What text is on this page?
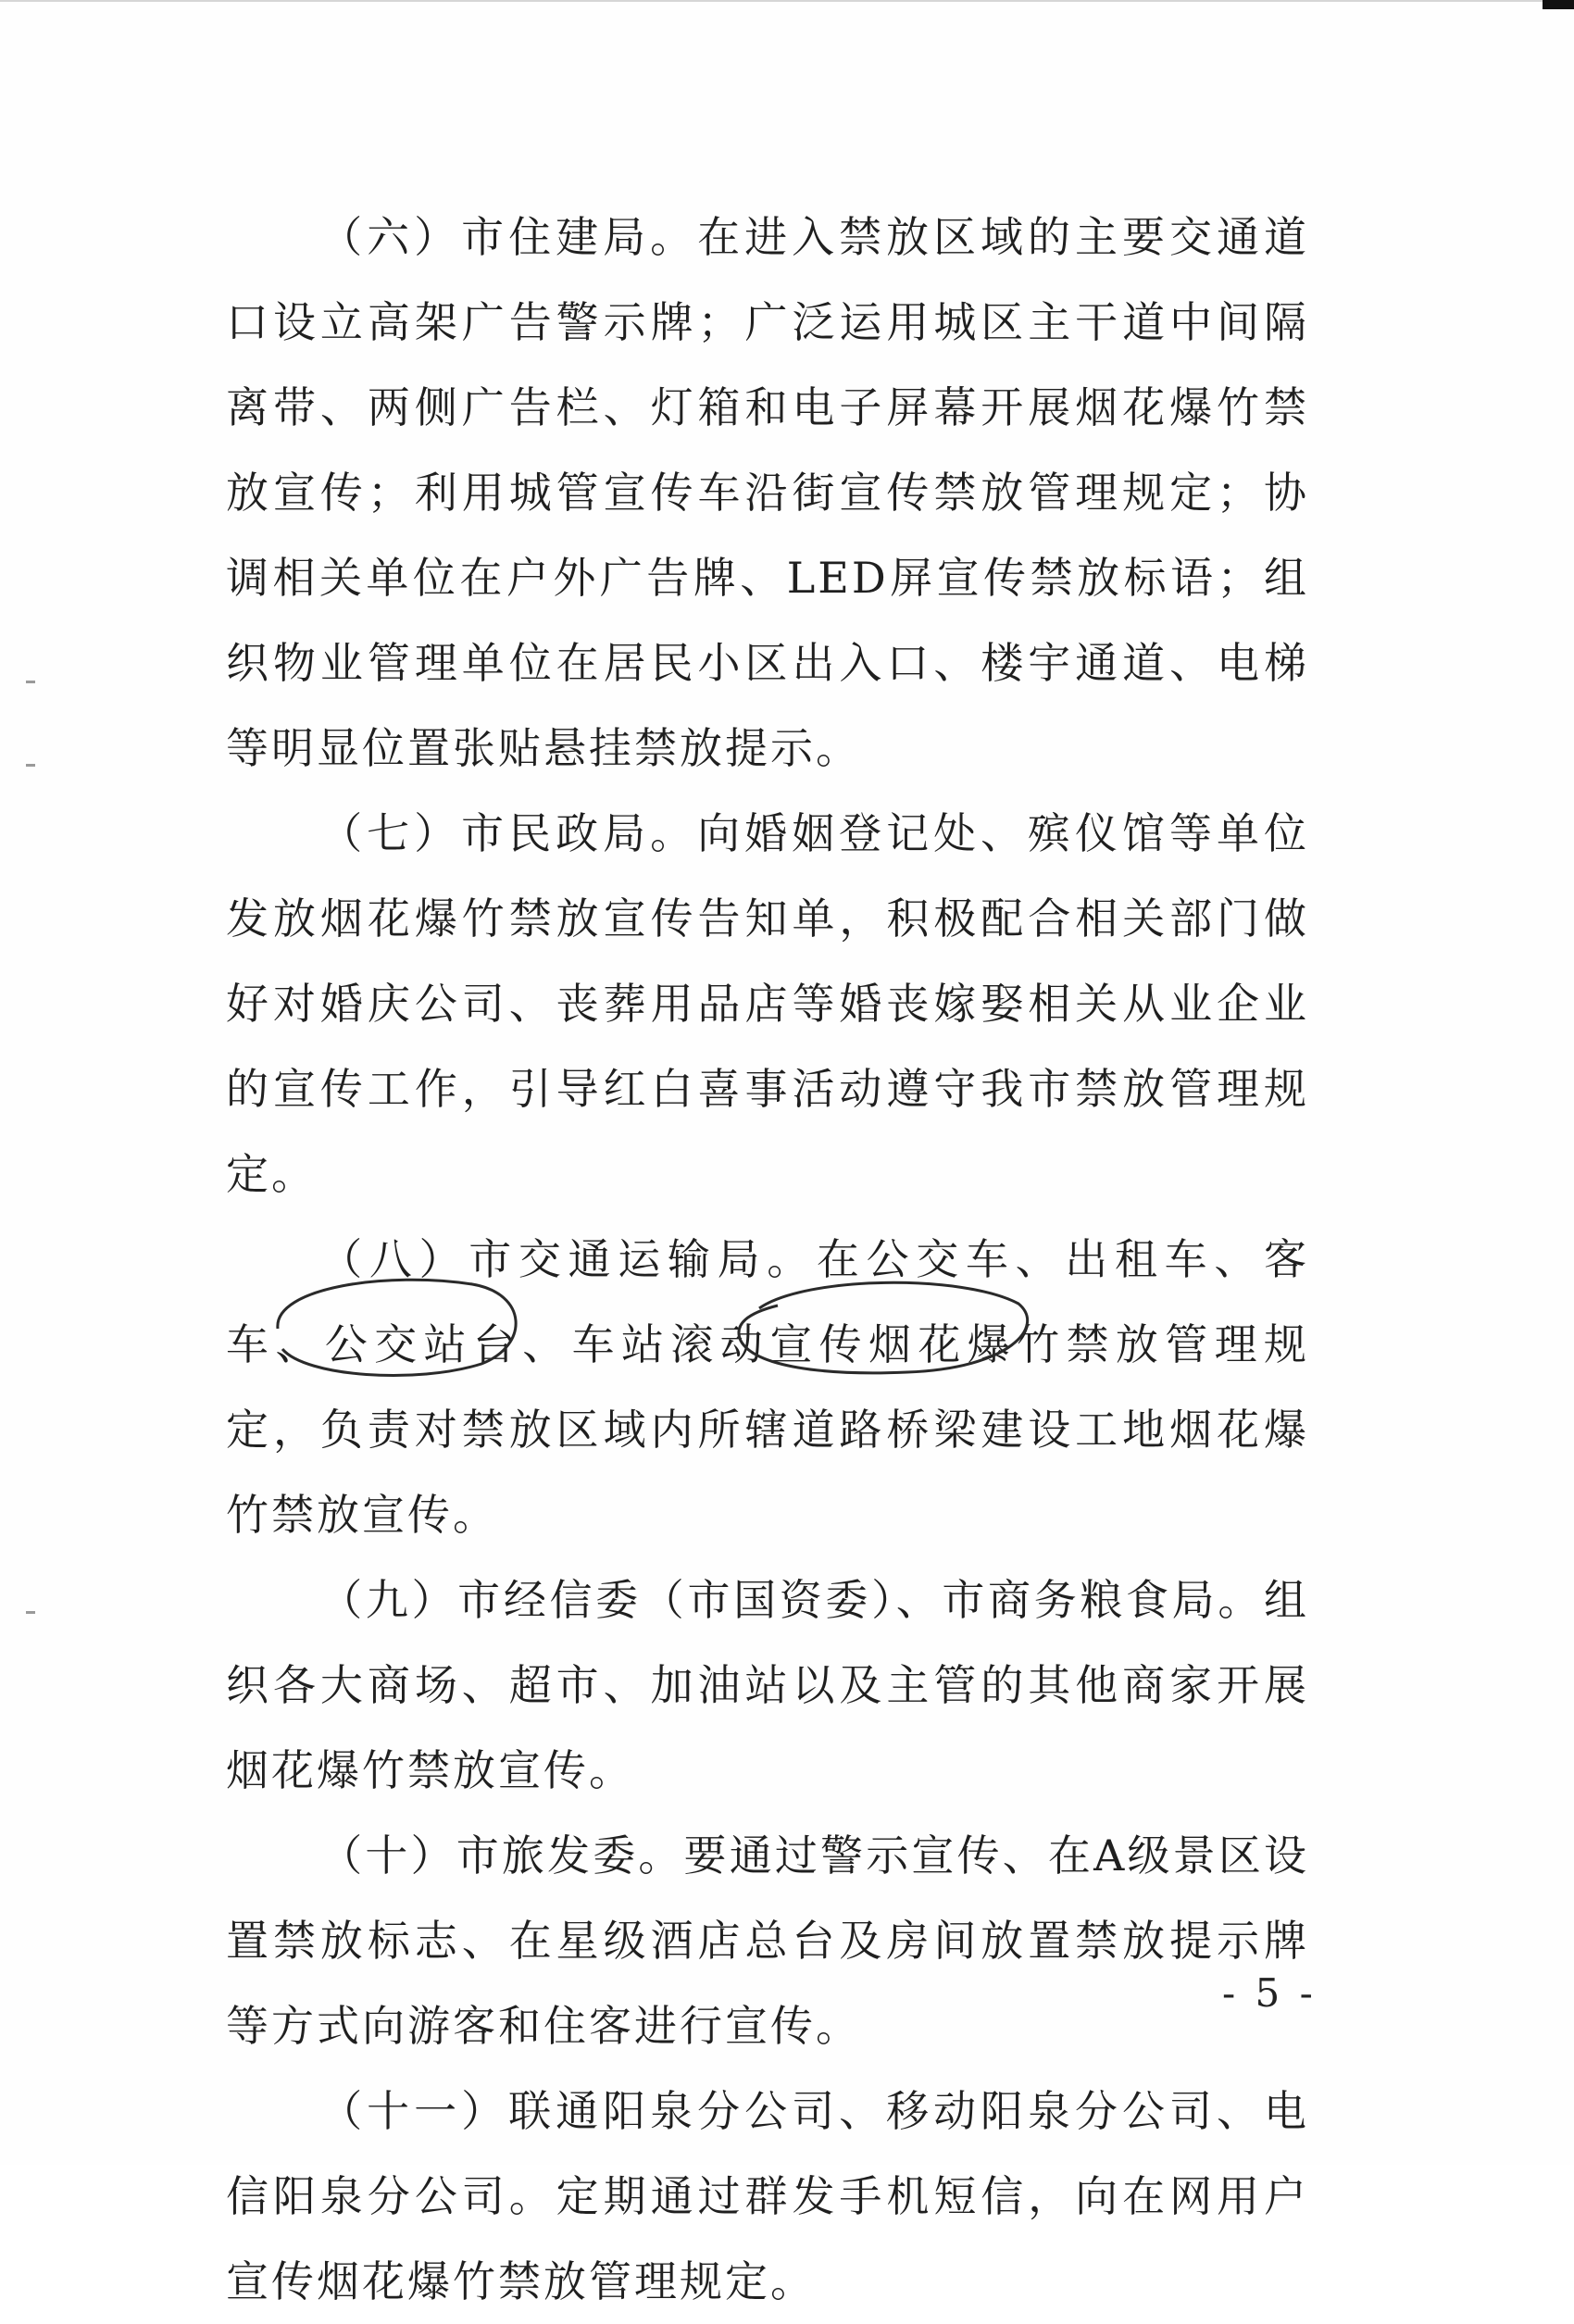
（六）市住建局。在进入禁放区域的主要交通道口设立高架广告警示牌；广泛运用城区主干道中间隔离带、两侧广告栏、灯箱和电子屏幕开展烟花爆竹禁放宣传；利用城管宣传车沿街宣传禁放管理规定；协调相关单位在户外广告牌、LED屏宣传禁放标语；组织物业管理单位在居民小区出入口、楼宇通道、电梯等明显位置张贴悬挂禁放提示。

（七）市民政局。向婚姻登记处、殡仪馆等单位发放烟花爆竹禁放宣传告知单，积极配合相关部门做好对婚庆公司、丧葬用品店等婚丧嫁娶相关从业企业的宣传工作，引导红白喜事活动遵守我市禁放管理规定。

（八）市交通运输局。在公交车、出租车、客车、公交站台、车站滚动宣传烟花爆竹禁放管理规定，负责对禁放区域内所辖道路桥梁建设工地烟花爆竹禁放宣传。

（九）市经信委（市国资委）、市商务粮食局。组织各大商场、超市、加油站以及主管的其他商家开展烟花爆竹禁放宣传。

（十）市旅发委。要通过警示宣传、在A级景区设置禁放标志、在星级酒店总台及房间放置禁放提示牌等方式向游客和住客进行宣传。

（十一）联通阳泉分公司、移动阳泉分公司、电信阳泉分公司。定期通过群发手机短信，向在网用户宣传烟花爆竹禁放管理规定。

- 5 -
